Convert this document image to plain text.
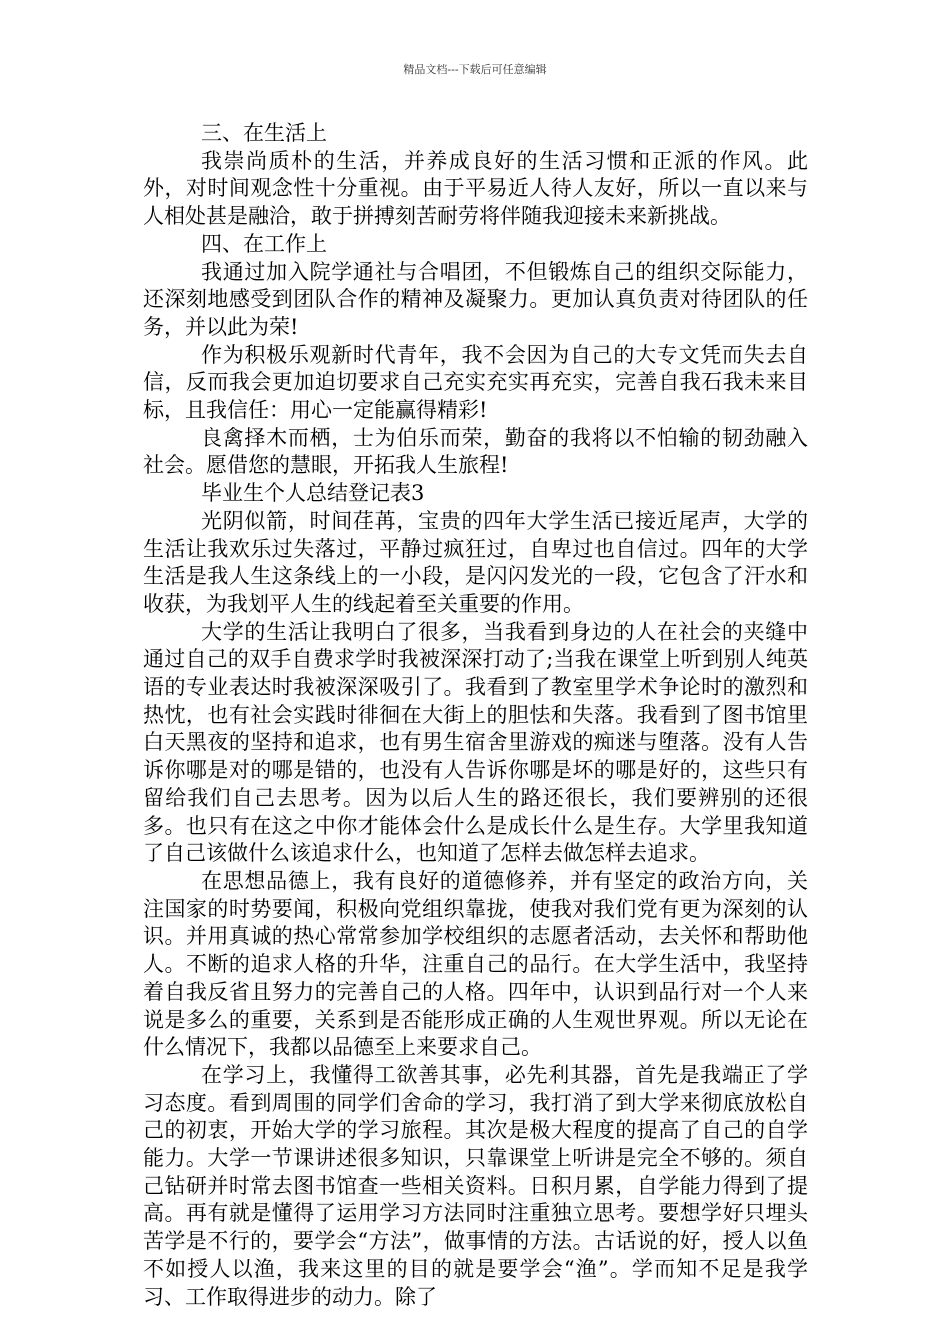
精品文档---下载后可任意编辑

三、在生活上

我崇尚质朴的生活，并养成良好的生活习惯和正派的作风。此外，对时间观念性十分重视。由于平易近人待人友好，所以一直以来与人相处甚是融洽，敢于拼搏刻苦耐劳将伴随我迎接未来新挑战。

四、在工作上

我通过加入院学通社与合唱团，不但锻炼自己的组织交际能力，还深刻地感受到团队合作的精神及凝聚力。更加认真负责对待团队的任务，并以此为荣!

作为积极乐观新时代青年，我不会因为自己的大专文凭而失去自信，反而我会更加迫切要求自己充实充实再充实，完善自我石我未来目标，且我信任：用心一定能赢得精彩!

良禽择木而栖，士为伯乐而荣，勤奋的我将以不怕输的韧劲融入社会。愿借您的慧眼，开拓我人生旅程!

毕业生个人总结登记表3

光阴似箭，时间荏苒，宝贵的四年大学生活已接近尾声，大学的生活让我欢乐过失落过，平静过疯狂过，自卑过也自信过。四年的大学生活是我人生这条线上的一小段，是闪闪发光的一段，它包含了汗水和收获，为我划平人生的线起着至关重要的作用。

大学的生活让我明白了很多，当我看到身边的人在社会的夹缝中通过自己的双手自费求学时我被深深打动了;当我在课堂上听到别人纯英语的专业表达时我被深深吸引了。我看到了教室里学术争论时的激烈和热忱，也有社会实践时徘徊在大街上的胆怯和失落。我看到了图书馆里白天黑夜的坚持和追求，也有男生宿舍里游戏的痴迷与堕落。没有人告诉你哪是对的哪是错的，也没有人告诉你哪是坏的哪是好的，这些只有留给我们自己去思考。因为以后人生的路还很长，我们要辨别的还很多。也只有在这之中你才能体会什么是成长什么是生存。大学里我知道了自己该做什么该追求什么，也知道了怎样去做怎样去追求。

在思想品德上，我有良好的道德修养，并有坚定的政治方向，关注国家的时势要闻，积极向党组织靠拢，使我对我们党有更为深刻的认识。并用真诚的热心常常参加学校组织的志愿者活动，去关怀和帮助他人。不断的追求人格的升华，注重自己的品行。在大学生活中，我坚持着自我反省且努力的完善自己的人格。四年中，认识到品行对一个人来说是多么的重要，关系到是否能形成正确的人生观世界观。所以无论在什么情况下，我都以品德至上来要求自己。

在学习上，我懂得工欲善其事，必先利其器，首先是我端正了学习态度。看到周围的同学们舍命的学习，我打消了到大学来彻底放松自己的初衷，开始大学的学习旅程。其次是极大程度的提高了自己的自学能力。大学一节课讲述很多知识，只靠课堂上听讲是完全不够的。须自己钻研并时常去图书馆查一些相关资料。日积月累，自学能力得到了提高。再有就是懂得了运用学习方法同时注重独立思考。要想学好只埋头苦学是不行的，要学会“方法”，做事情的方法。古话说的好，授人以鱼不如授人以渔，我来这里的目的就是要学会“渔”。学而知不足是我学习、工作取得进步的动力。除了
